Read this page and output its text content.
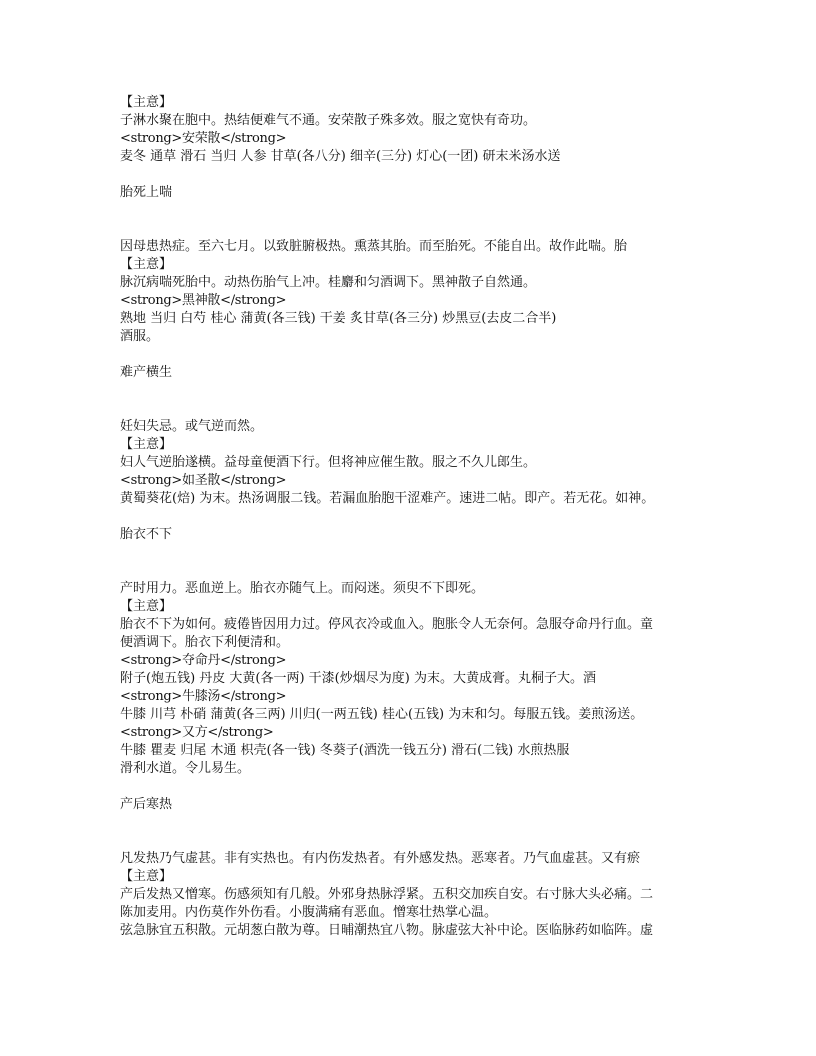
【主意】
子淋水聚在胞中。热结便难气不通。安荣散子殊多效。服之宽快有奇功。
<strong>安荣散</strong>
麦冬 通草 滑石 当归 人参 甘草(各八分) 细辛(三分) 灯心(一团) 研末米汤水送
胎死上喘
因母患热症。至六七月。以致脏腑极热。熏蒸其胎。而至胎死。不能自出。故作此喘。胎
【主意】
脉沉病喘死胎中。动热伤胎气上冲。桂麝和匀酒调下。黑神散子自然通。
<strong>黑神散</strong>
熟地 当归 白芍 桂心 蒲黄(各三钱) 干姜 炙甘草(各三分) 炒黑豆(去皮二合半)
酒服。
难产横生
妊妇失忌。或气逆而然。
【主意】
妇人气逆胎遂横。益母童便酒下行。但将神应催生散。服之不久儿郎生。
<strong>如圣散</strong>
黄蜀葵花(焙) 为末。热汤调服二钱。若漏血胎胞干涩难产。速进二帖。即产。若无花。如神。
胎衣不下
产时用力。恶血逆上。胎衣亦随气上。而闷迷。须臾不下即死。
【主意】
胎衣不下为如何。疲倦皆因用力过。停风衣冷或血入。胞胀令人无奈何。急服夺命丹行血。童
便酒调下。胎衣下利便清和。
<strong>夺命丹</strong>
附子(炮五钱) 丹皮 大黄(各一两) 干漆(炒烟尽为度) 为末。大黄成膏。丸桐子大。酒
<strong>牛膝汤</strong>
牛膝 川芎 朴硝 蒲黄(各三两) 川归(一两五钱) 桂心(五钱) 为末和匀。每服五钱。姜煎汤送。
<strong>又方</strong>
牛膝 瞿麦 归尾 木通 枳壳(各一钱) 冬葵子(酒洗一钱五分) 滑石(二钱) 水煎热服
滑利水道。令儿易生。
产后寒热
凡发热乃气虚甚。非有实热也。有内伤发热者。有外感发热。恶寒者。乃气血虚甚。又有瘀
【主意】
产后发热又憎寒。伤感须知有几般。外邪身热脉浮紧。五积交加疾自安。右寸脉大头必痛。二
陈加麦用。内伤莫作外伤看。小腹满痛有恶血。憎寒壮热掌心温。
弦急脉宜五积散。元胡葱白散为尊。日晡潮热宜八物。脉虚弦大补中论。医临脉药如临阵。虚
